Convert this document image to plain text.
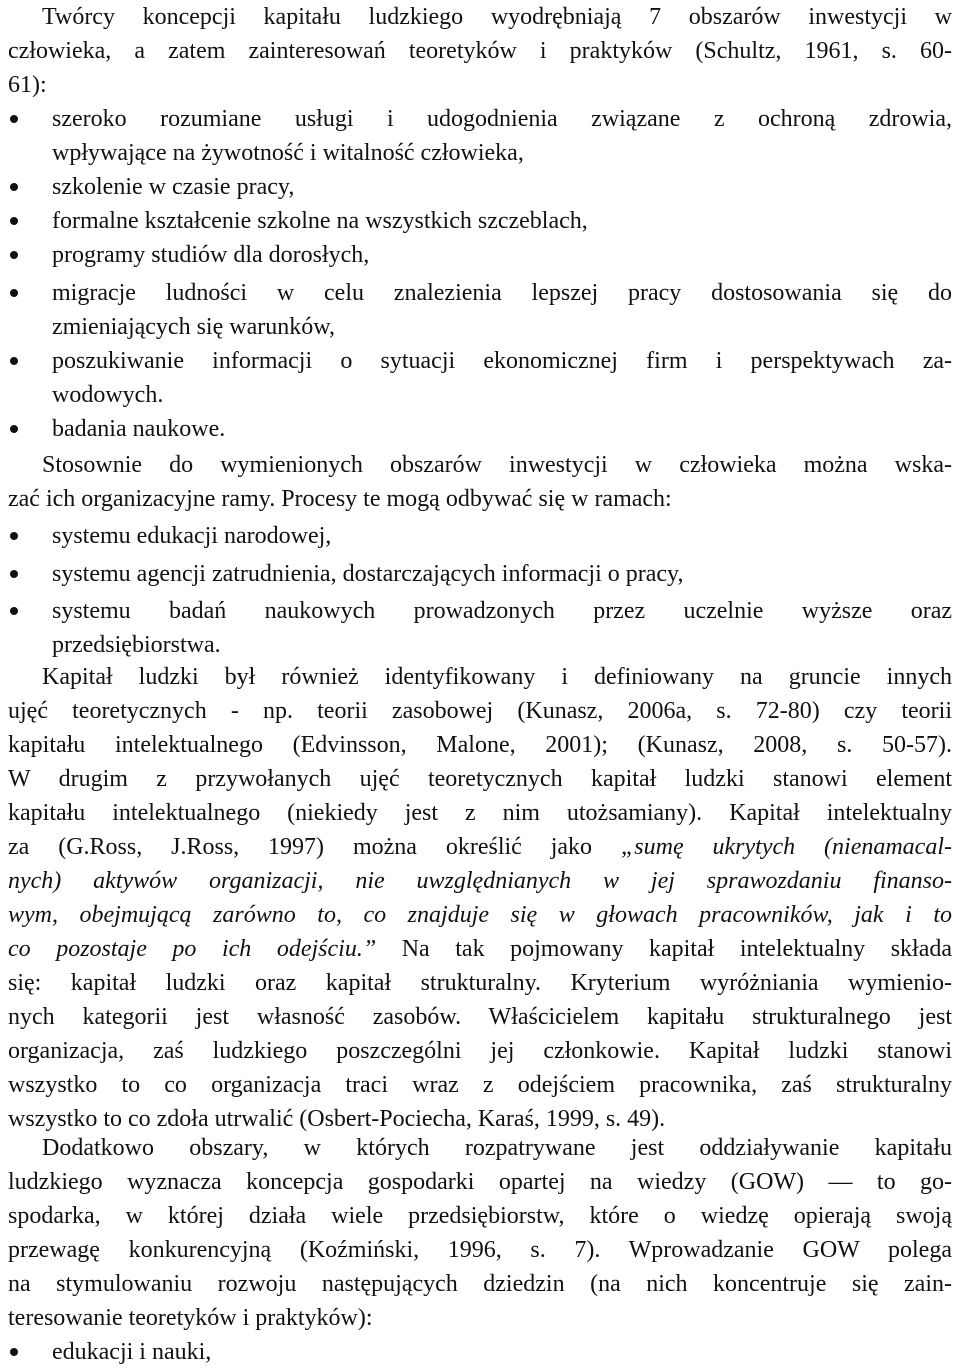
Twórcy koncepcji kapitału ludzkiego wyodrębniają 7 obszarów inwestycji w
człowieka, a zatem zainteresowań teoretyków i praktyków (Schultz, 1961, s. 60-
61):
szeroko rozumiane usługi i udogodnienia związane z ochroną zdrowia,
wpływające na żywotność i witalność człowieka,
szkolenie w czasie pracy,
formalne kształcenie szkolne na wszystkich szczeblach,
programy studiów dla dorosłych,
migracje ludności w celu znalezienia lepszej pracy dostosowania się do
zmieniających się warunków,
poszukiwanie informacji o sytuacji ekonomicznej firm i perspektywach za-
wodowych.
badania naukowe.
Stosownie do wymienionych obszarów inwestycji w człowieka można wska-
zać ich organizacyjne ramy. Procesy te mogą odbywać się w ramach:
systemu edukacji narodowej,
systemu agencji zatrudnienia, dostarczających informacji o pracy,
systemu badań naukowych prowadzonych przez uczelnie wyższe oraz
przedsiębiorstwa.
Kapitał ludzki był również identyfikowany i definiowany na gruncie innych
ujęć teoretycznych - np. teorii zasobowej (Kunasz, 2006a, s. 72-80) czy teorii
kapitału intelektualnego (Edvinsson, Malone, 2001); (Kunasz, 2008, s. 50-57).
W drugim z przywołanych ujęć teoretycznych kapitał ludzki stanowi element
kapitału intelektualnego (niekiedy jest z nim utożsamiany). Kapitał intelektualny
za (G.Ross, J.Ross, 1997) można określić jako „sumę ukrytych (nienamacal-
nych) aktywów organizacji, nie uwzględnianych w jej sprawozdaniu finanso-
wym, obejmującą zarówno to, co znajduje się w głowach pracowników, jak i to
co pozostaje po ich odejściu.” Na tak pojmowany kapitał intelektualny składa
się: kapitał ludzki oraz kapitał strukturalny. Kryterium wyróżniania wymienio-
nych kategorii jest własność zasobów. Właścicielem kapitału strukturalnego jest
organizacja, zaś ludzkiego poszczególni jej członkowie. Kapitał ludzki stanowi
wszystko to co organizacja traci wraz z odejściem pracownika, zaś strukturalny
wszystko to co zdoła utrwalić (Osbert-Pociecha, Karaś, 1999, s. 49).
Dodatkowo obszary, w których rozpatrywane jest oddziaływanie kapitału
ludzkiego wyznacza koncepcja gospodarki opartej na wiedzy (GOW) — to go-
spodarka, w której działa wiele przedsiębiorstw, które o wiedzę opierają swoją
przewagę konkurencyjną (Koźmiński, 1996, s. 7). Wprowadzanie GOW polega
na stymulowaniu rozwoju następujących dziedzin (na nich koncentruje się zain-
teresowanie teoretyków i praktyków):
edukacji i nauki,
